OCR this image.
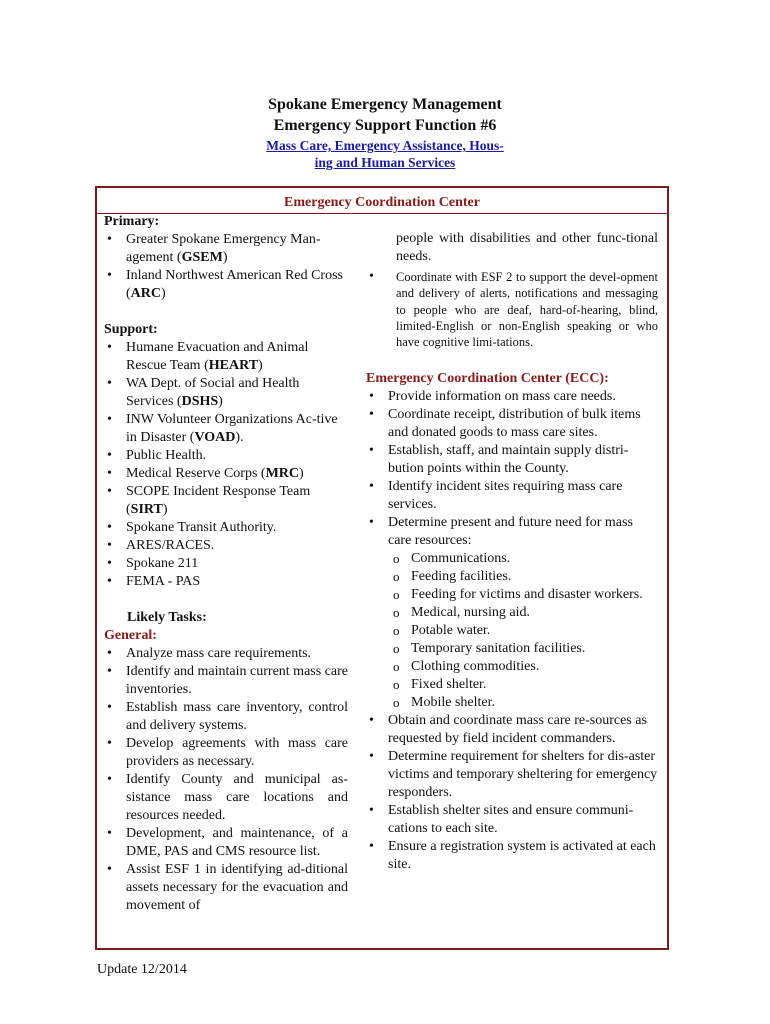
Spokane Emergency Management
Emergency Support Function #6
Mass Care, Emergency Assistance, Hous-
ing and Human Services
Emergency Coordination Center
Primary:
• Greater Spokane Emergency Man-agement (GSEM)
• Inland Northwest American Red Cross (ARC)
Support:
• Humane Evacuation and Animal Rescue Team (HEART)
• WA Dept. of Social and Health Services (DSHS)
• INW Volunteer Organizations Ac-tive in Disaster (VOAD).
• Public Health.
• Medical Reserve Corps (MRC)
• SCOPE Incident Response Team (SIRT)
• Spokane Transit Authority.
• ARES/RACES.
• Spokane 211
• FEMA - PAS
Likely Tasks:
General:
• Analyze mass care requirements.
• Identify and maintain current mass care inventories.
• Establish mass care inventory, control and delivery systems.
• Develop agreements with mass care providers as necessary.
• Identify County and municipal as-sistance mass care locations and resources needed.
• Development, and maintenance, of a DME, PAS and CMS resource list.
• Assist ESF 1 in identifying ad-ditional assets necessary for the evacuation and movement of
people with disabilities and other func-tional needs.
• Coordinate with ESF 2 to support the devel-opment and delivery of alerts, notifications and messaging to people who are deaf, hard-of-hearing, blind, limited-English or non-English speaking or who have cognitive limi-tations.
Emergency Coordination Center (ECC):
• Provide information on mass care needs.
• Coordinate receipt, distribution of bulk items and donated goods to mass care sites.
• Establish, staff, and maintain supply distri-bution points within the County.
• Identify incident sites requiring mass care services.
• Determine present and future need for mass care resources:
o Communications.
o Feeding facilities.
o Feeding for victims and disaster workers.
o Medical, nursing aid.
o Potable water.
o Temporary sanitation facilities.
o Clothing commodities.
o Fixed shelter.
o Mobile shelter.
• Obtain and coordinate mass care re-sources as requested by field incident commanders.
• Determine requirement for shelters for dis-aster victims and temporary sheltering for emergency responders.
• Establish shelter sites and ensure communi-cations to each site.
• Ensure a registration system is activated at each site.
Update 12/2014
